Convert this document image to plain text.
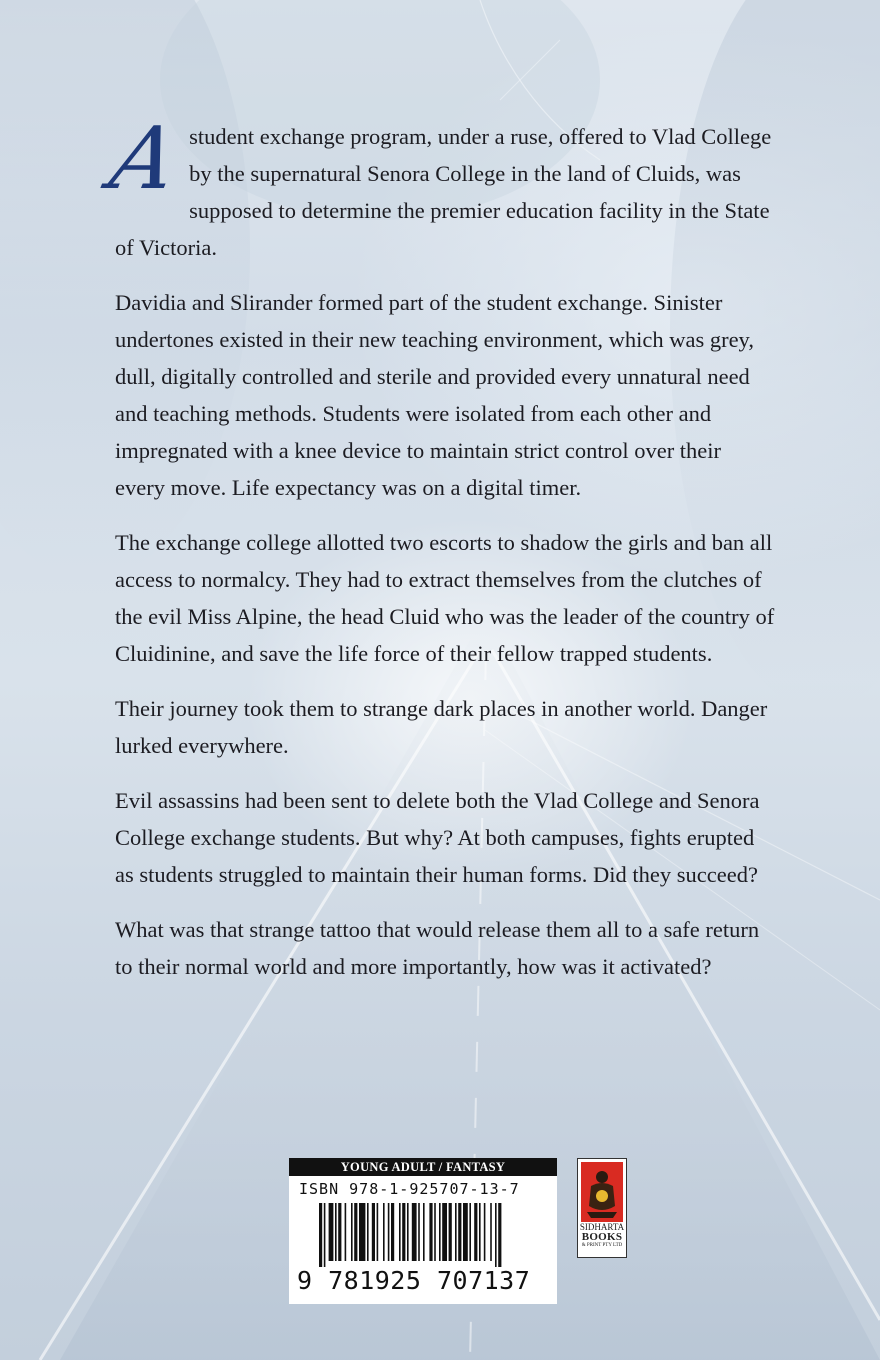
Astudent exchange program, under a ruse, offered to Vlad College by the supernatural Senora College in the land of Cluids, was supposed to determine the premier education facility in the State of Victoria.

Davidia and Slirander formed part of the student exchange. Sinister undertones existed in their new teaching environment, which was grey, dull, digitally controlled and sterile and provided every unnatural need and teaching methods. Students were isolated from each other and impregnated with a knee device to maintain strict control over their every move. Life expectancy was on a digital timer.

The exchange college allotted two escorts to shadow the girls and ban all access to normalcy. They had to extract themselves from the clutches of the evil Miss Alpine, the head Cluid who was the leader of the country of Cluidinine, and save the life force of their fellow trapped students.

Their journey took them to strange dark places in another world. Danger lurked everywhere.

Evil assassins had been sent to delete both the Vlad College and Senora College exchange students. But why? At both campuses, fights erupted as students struggled to maintain their human forms. Did they succeed?

What was that strange tattoo that would release them all to a safe return to their normal world and more importantly, how was it activated?

YOUNG ADULT / FANTASY
ISBN 978-1-925707-13-7
9 781925 707137
SIDHARTA
BOOKS
& PRINT PTY LTD
